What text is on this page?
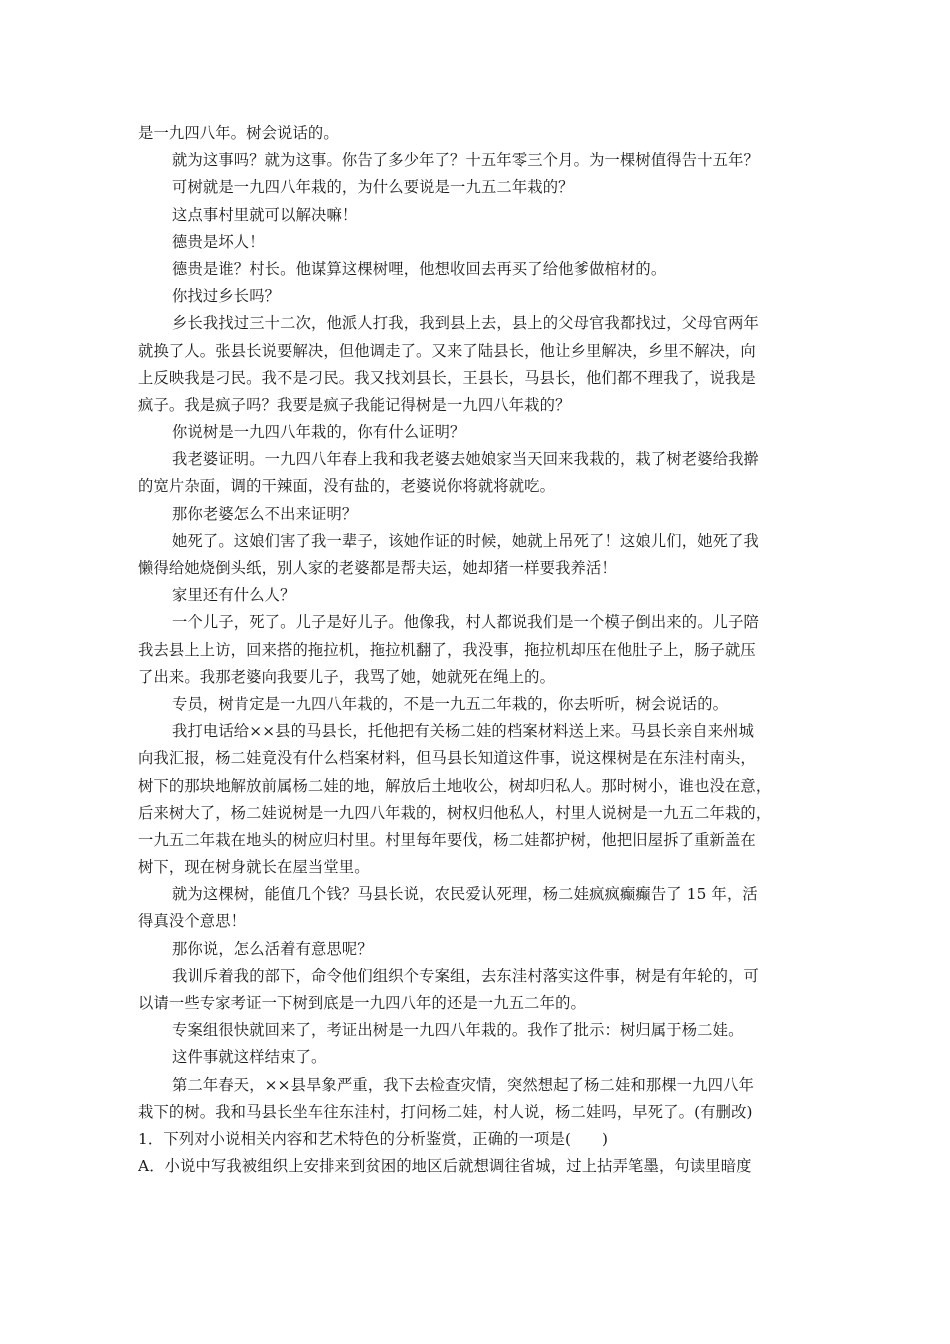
是一九四八年。树会说话的。
就为这事吗？就为这事。你告了多少年了？十五年零三个月。为一棵树值得告十五年？
可树就是一九四八年栽的，为什么要说是一九五二年栽的？
这点事村里就可以解决嘛！
德贵是坏人！
德贵是谁？村长。他谋算这棵树哩，他想收回去再买了给他爹做棺材的。
你找过乡长吗？
乡长我找过三十二次，他派人打我，我到县上去，县上的父母官我都找过，父母官两年
就换了人。张县长说要解决，但他调走了。又来了陆县长，他让乡里解决，乡里不解决，向
上反映我是刁民。我不是刁民。我又找刘县长，王县长，马县长，他们都不理我了，说我是
疯子。我是疯子吗？我要是疯子我能记得树是一九四八年栽的？
你说树是一九四八年栽的，你有什么证明？
我老婆证明。一九四八年春上我和我老婆去她娘家当天回来我栽的，栽了树老婆给我擀
的宽片杂面，调的干辣面，没有盐的，老婆说你将就将就吃。
那你老婆怎么不出来证明？
她死了。这娘们害了我一辈子，该她作证的时候，她就上吊死了！这娘儿们，她死了我
懒得给她烧倒头纸，别人家的老婆都是帮夫运，她却猪一样要我养活！
家里还有什么人？
一个儿子，死了。儿子是好儿子。他像我，村人都说我们是一个模子倒出来的。儿子陪
我去县上上访，回来搭的拖拉机，拖拉机翻了，我没事，拖拉机却压在他肚子上，肠子就压
了出来。我那老婆向我要儿子，我骂了她，她就死在绳上的。
专员，树肯定是一九四八年栽的，不是一九五二年栽的，你去听听，树会说话的。
我打电话给××县的马县长，托他把有关杨二娃的档案材料送上来。马县长亲自来州城
向我汇报，杨二娃竟没有什么档案材料，但马县长知道这件事，说这棵树是在东洼村南头，
树下的那块地解放前属杨二娃的地，解放后土地收公，树却归私人。那时树小，谁也没在意，
后来树大了，杨二娃说树是一九四八年栽的，树权归他私人，村里人说树是一九五二年栽的，
一九五二年栽在地头的树应归村里。村里每年要伐，杨二娃都护树，他把旧屋拆了重新盖在
树下，现在树身就长在屋当堂里。
就为这棵树，能值几个钱？马县长说，农民爱认死理，杨二娃疯疯癫癫告了 15 年，活
得真没个意思！
那你说，怎么活着有意思呢？
我训斥着我的部下，命令他们组织个专案组，去东洼村落实这件事，树是有年轮的，可
以请一些专家考证一下树到底是一九四八年的还是一九五二年的。
专案组很快就回来了，考证出树是一九四八年栽的。我作了批示：树归属于杨二娃。
这件事就这样结束了。
第二年春天，××县旱象严重，我下去检查灾情，突然想起了杨二娃和那棵一九四八年
栽下的树。我和马县长坐车往东洼村，打问杨二娃，村人说，杨二娃吗，早死了。(有删改)
1．下列对小说相关内容和艺术特色的分析鉴赏，正确的一项是(　　)
A．小说中写我被组织上安排来到贫困的地区后就想调往省城，过上拈弄笔墨，句读里暗度
